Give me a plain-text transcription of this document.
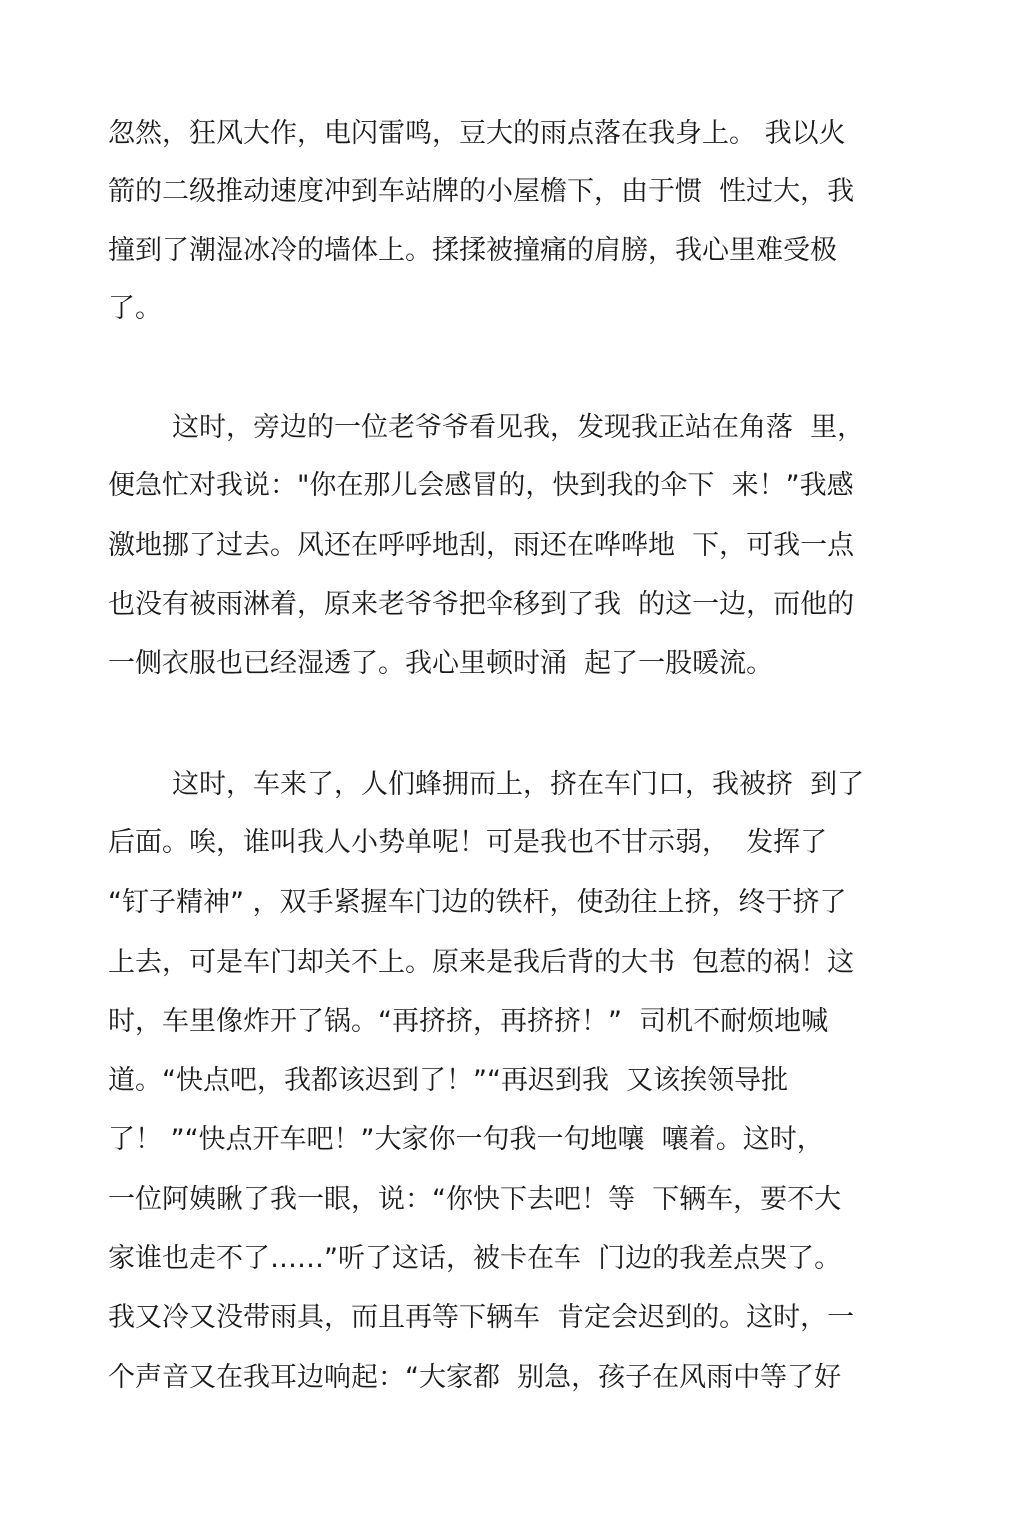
忽然，狂风大作，电闪雷鸣，豆大的雨点落在我身上。 我以火
箭的二级推动速度冲到车站牌的小屋檐下，由于惯  性过大，我
撞到了潮湿冰冷的墙体上。揉揉被撞痛的肩膀，我心里难受极
了。
这时，旁边的一位老爷爷看见我，发现我正站在角落  里，
便急忙对我说："你在那儿会感冒的，快到我的伞下  来！”我感
激地挪了过去。风还在呼呼地刮，雨还在哗哗地  下，可我一点
也没有被雨淋着，原来老爷爷把伞移到了我  的这一边，而他的
一侧衣服也已经湿透了。我心里顿时涌  起了一股暖流。
这时，车来了，人们蜂拥而上，挤在车门口，我被挤  到了
后面。唉，谁叫我人小势单呢！可是我也不甘示弱，  发挥了
“钉子精神” ，双手紧握车门边的铁杆，使劲往上挤，终于挤了
上去，可是车门却关不上。原来是我后背的大书  包惹的祸！这
时，车里像炸开了锅。“再挤挤，再挤挤！”  司机不耐烦地喊
道。“快点吧，我都该迟到了！”“再迟到我  又该挨领导批
了！ ”“快点开车吧！”大家你一句我一句地嚷  嚷着。这时，
一位阿姨瞅了我一眼，说：“你快下去吧！等  下辆车，要不大
家谁也走不了……”听了这话，被卡在车  门边的我差点哭了。
我又冷又没带雨具，而且再等下辆车  肯定会迟到的。这时，一
个声音又在我耳边响起：“大家都  别急，孩子在风雨中等了好
